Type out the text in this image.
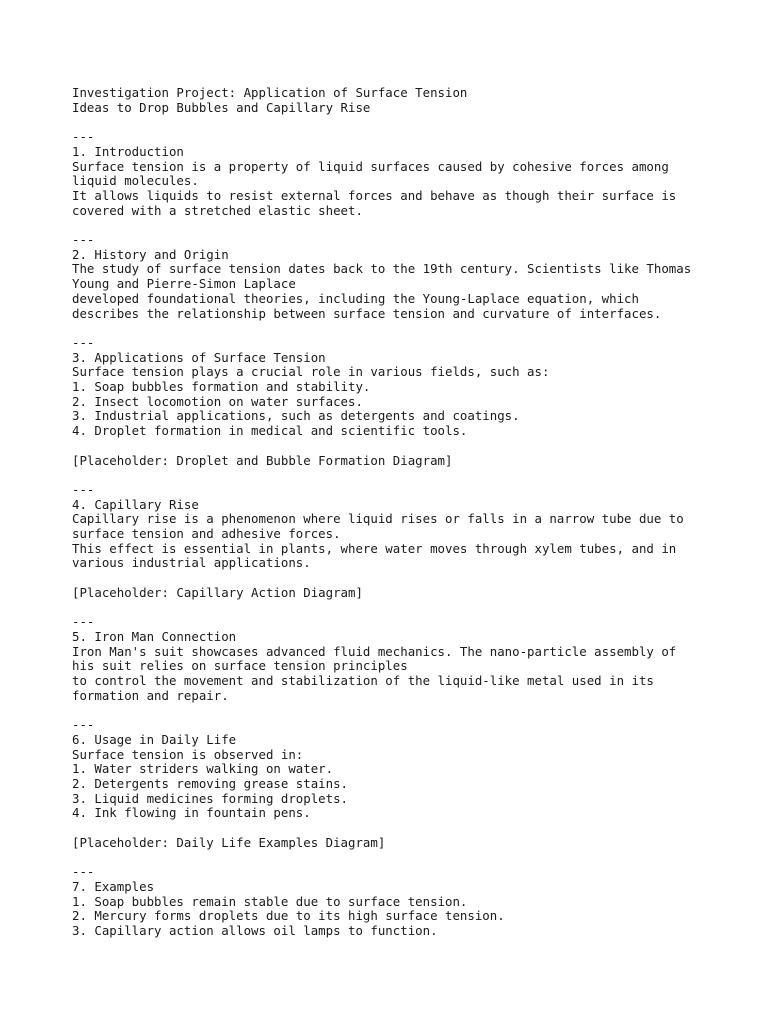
Investigation Project: Application of Surface Tension
Ideas to Drop Bubbles and Capillary Rise
---
1. Introduction
Surface tension is a property of liquid surfaces caused by cohesive forces among
liquid molecules.
It allows liquids to resist external forces and behave as though their surface is
covered with a stretched elastic sheet.
---
2. History and Origin
The study of surface tension dates back to the 19th century. Scientists like Thomas
Young and Pierre-Simon Laplace
developed foundational theories, including the Young-Laplace equation, which
describes the relationship between surface tension and curvature of interfaces.
---
3. Applications of Surface Tension
Surface tension plays a crucial role in various fields, such as:
1. Soap bubbles formation and stability.
2. Insect locomotion on water surfaces.
3. Industrial applications, such as detergents and coatings.
4. Droplet formation in medical and scientific tools.
[Placeholder: Droplet and Bubble Formation Diagram]
---
4. Capillary Rise
Capillary rise is a phenomenon where liquid rises or falls in a narrow tube due to
surface tension and adhesive forces.
This effect is essential in plants, where water moves through xylem tubes, and in
various industrial applications.
[Placeholder: Capillary Action Diagram]
---
5. Iron Man Connection
Iron Man's suit showcases advanced fluid mechanics. The nano-particle assembly of
his suit relies on surface tension principles
to control the movement and stabilization of the liquid-like metal used in its
formation and repair.
---
6. Usage in Daily Life
Surface tension is observed in:
1. Water striders walking on water.
2. Detergents removing grease stains.
3. Liquid medicines forming droplets.
4. Ink flowing in fountain pens.
[Placeholder: Daily Life Examples Diagram]
---
7. Examples
1. Soap bubbles remain stable due to surface tension.
2. Mercury forms droplets due to its high surface tension.
3. Capillary action allows oil lamps to function.
